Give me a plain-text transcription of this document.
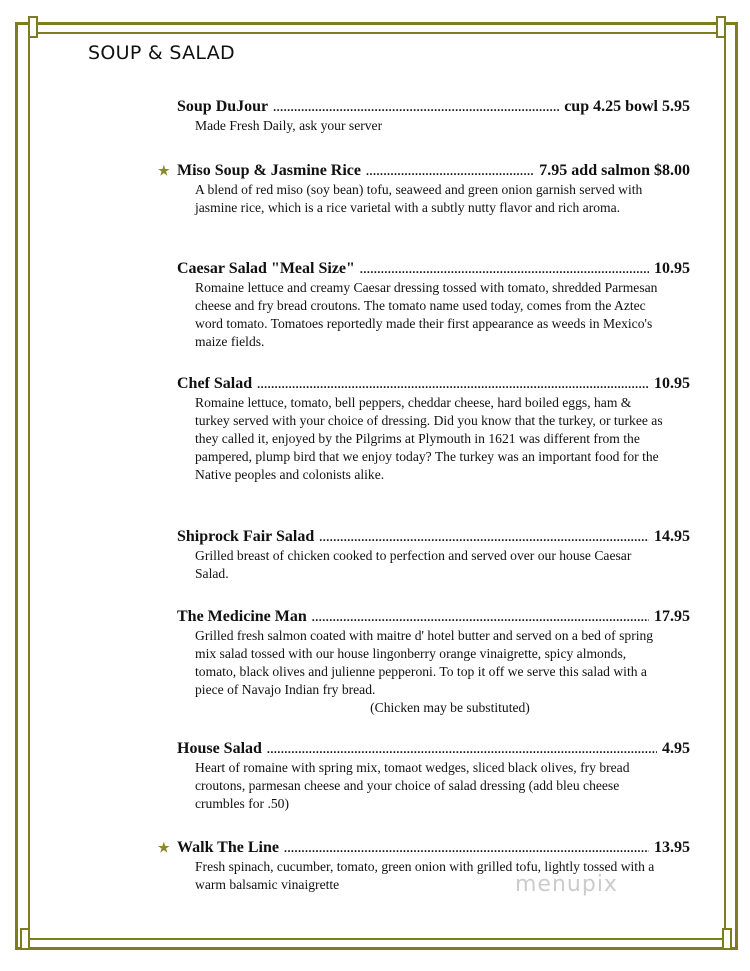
SOUP & SALAD
Soup DuJour .....	cup 4.25 bowl 5.95
Made Fresh Daily, ask your server
★ Miso Soup & Jasmine Rice .....	7.95 add salmon $8.00
A blend of red miso (soy bean) tofu, seaweed and green onion garnish served with jasmine rice, which is a rice varietal with a subtly nutty flavor and rich aroma.
Caesar Salad "Meal Size" .....	10.95
Romaine lettuce and creamy Caesar dressing tossed with tomato, shredded Parmesan cheese and fry bread croutons. The tomato name used today, comes from the Aztec word tomato. Tomatoes reportedly made their first appearance as weeds in Mexico's maize fields.
Chef Salad .....	10.95
Romaine lettuce, tomato, bell peppers, cheddar cheese, hard boiled eggs, ham & turkey served with your choice of dressing. Did you know that the turkey, or turkee as they called it, enjoyed by the Pilgrims at Plymouth in 1621 was different from the pampered, plump bird that we enjoy today? The turkey was an important food for the Native peoples and colonists alike.
Shiprock Fair Salad .....	14.95
Grilled breast of chicken cooked to perfection and served over our house Caesar Salad.
The Medicine Man .....	17.95
Grilled fresh salmon coated with maitre d' hotel butter and served on a bed of spring mix salad tossed with our house lingonberry orange vinaigrette, spicy almonds, tomato, black olives and julienne pepperoni. To top it off we serve this salad with a piece of Navajo Indian fry bread.
(Chicken may be substituted)
House Salad .....	4.95
Heart of romaine with spring mix, tomaot wedges, sliced black olives, fry bread croutons, parmesan cheese and your choice of salad dressing (add bleu cheese crumbles for .50)
★ Walk The Line .....	13.95
Fresh spinach, cucumber, tomato, green onion with grilled tofu, lightly tossed with a warm balsamic vinaigrette	menupix
